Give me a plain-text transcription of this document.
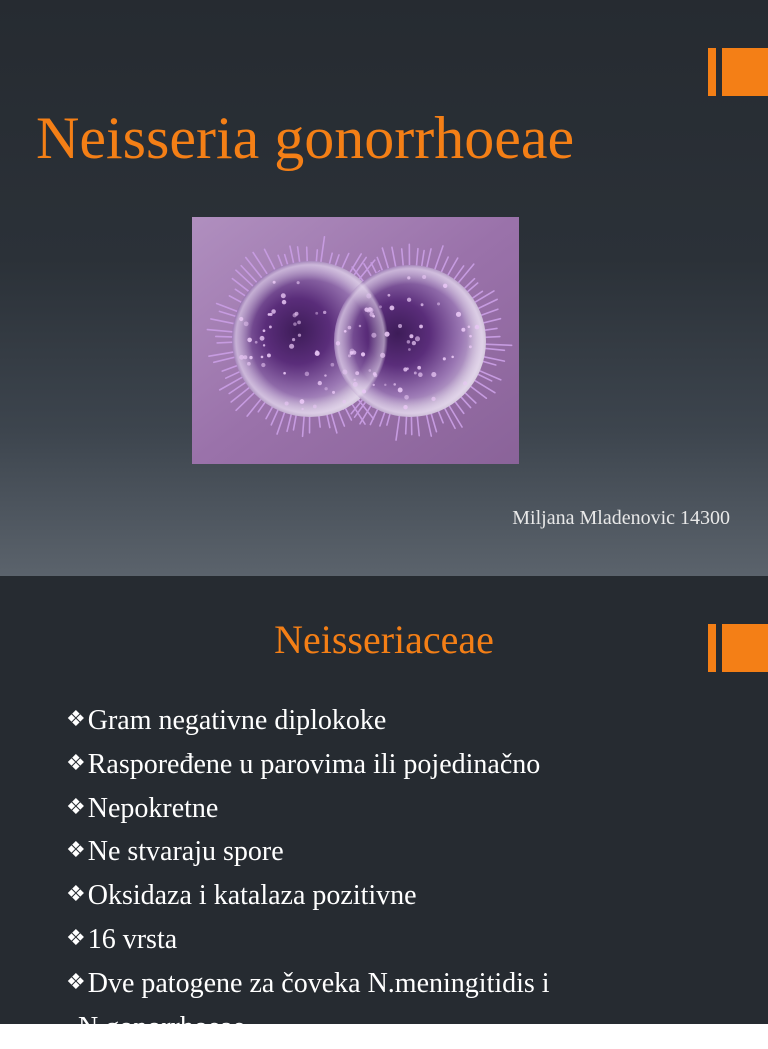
Neisseria gonorrhoeae
Miljana Mladenovic 14300
Neisseriaceae
❖Gram negativne diplokoke
❖Raspoređene u parovima ili pojedinačno
❖Nepokretne
❖Ne stvaraju spore
❖Oksidaza i katalaza pozitivne
❖16 vrsta
❖Dve patogene za čoveka N.meningitidis i
N.gonorrhoeae
